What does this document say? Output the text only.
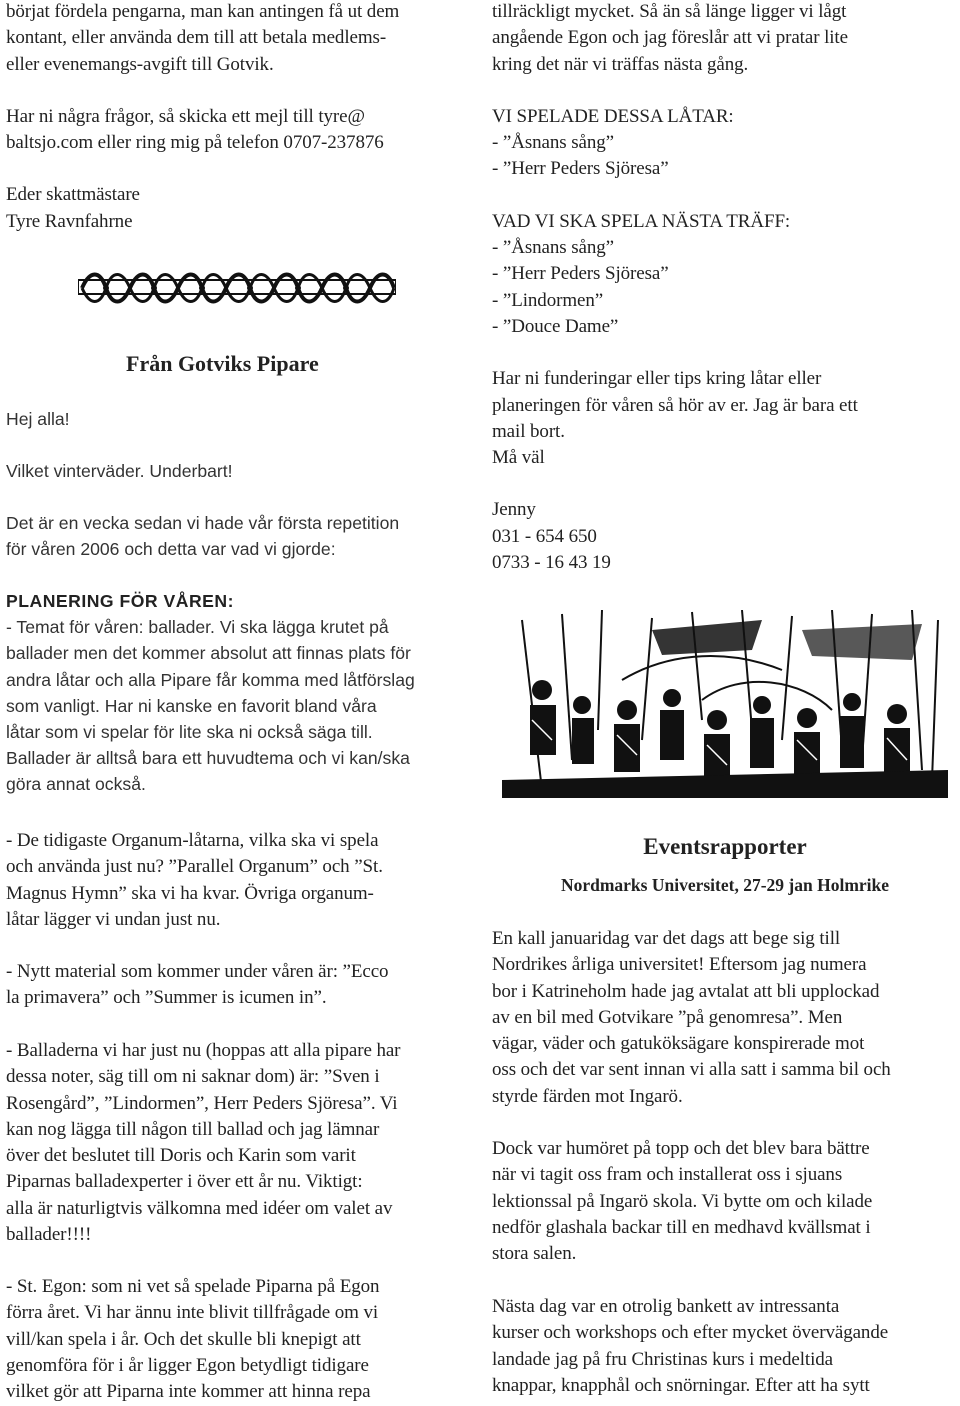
börjat fördela pengarna, man kan antingen få ut dem
kontant, eller använda dem till att betala medlems-
eller evenemangs-avgift till Gotvik.
Har ni några frågor, så skicka ett mejl till tyre@
baltsjo.com eller ring mig på telefon 0707-237876
Eder skattmästare
Tyre Ravnfahrne
Från Gotviks Pipare
Hej alla!
Vilket vinterväder. Underbart!
Det är en vecka sedan vi hade vår första repetition
för våren 2006 och detta var vad vi gjorde:
PLANERING FÖR VÅREN:
- Temat för våren: ballader. Vi ska lägga krutet på
ballader men det kommer absolut att finnas plats för
andra låtar och alla Pipare får komma med låtförslag
som vanligt. Har ni kanske en favorit bland våra
låtar som vi spelar för lite ska ni också säga till.
Ballader är alltså bara ett huvudtema och vi kan/ska
göra annat också.
- De tidigaste Organum-låtarna, vilka ska vi spela
och använda just nu? ”Parallel Organum” och ”St.
Magnus Hymn” ska vi ha kvar. Övriga organum-
låtar lägger vi undan just nu.
- Nytt material som kommer under våren är: ”Ecco
la primavera” och ”Summer is icumen in”.
- Balladerna vi har just nu (hoppas att alla pipare har
dessa noter, säg till om ni saknar dom) är: ”Sven i
Rosengård”, ”Lindormen”, Herr Peders Sjöresa”. Vi
kan nog lägga till någon till ballad och jag lämnar
över det beslutet till Doris och Karin som varit
Piparnas balladexperter i över ett år nu. Viktigt:
alla är naturligtvis välkomna med idéer om valet av
ballader!!!!
- St. Egon: som ni vet så spelade Piparna på Egon
förra året. Vi har ännu inte blivit tillfrågade om vi
vill/kan spela i år. Och det skulle bli knepigt att
genomföra för i år ligger Egon betydligt tidigare
vilket gör att Piparna inte kommer att hinna repa
tillräckligt mycket. Så än så länge ligger vi lågt
angående Egon och jag föreslår att vi pratar lite
kring det när vi träffas nästa gång.
VI SPELADE DESSA LÅTAR:
- ”Åsnans sång”
- ”Herr Peders Sjöresa”
VAD VI SKA SPELA NÄSTA TRÄFF:
- ”Åsnans sång”
- ”Herr Peders Sjöresa”
- ”Lindormen”
- ”Douce Dame”
Har ni funderingar eller tips kring låtar eller
planeringen för våren så hör av er. Jag är bara ett
mail bort.
Må väl
Jenny
031 - 654 650
0733 - 16 43 19
Eventsrapporter
Nordmarks Universitet, 27-29 jan Holmrike
En kall januaridag var det dags att bege sig till
Nordrikes årliga universitet! Eftersom jag numera
bor i Katrineholm hade jag avtalat att bli upplockad
av en bil med Gotvikare ”på genomresa”. Men
vägar, väder och gatuköksägare konspirerade mot
oss och det var sent innan vi alla satt i samma bil och
styrde färden mot Ingarö.
Dock var humöret på topp och det blev bara bättre
när vi tagit oss fram och installerat oss i sjuans
lektionssal på Ingarö skola. Vi bytte om och kilade
nedför glashala backar till en medhavd kvällsmat i
stora salen.
Nästa dag var en otrolig bankett av intressanta
kurser och workshops och efter mycket övervägande
landade jag på fru Christinas kurs i medeltida
knappar, knapphål och snörningar. Efter att ha sytt
